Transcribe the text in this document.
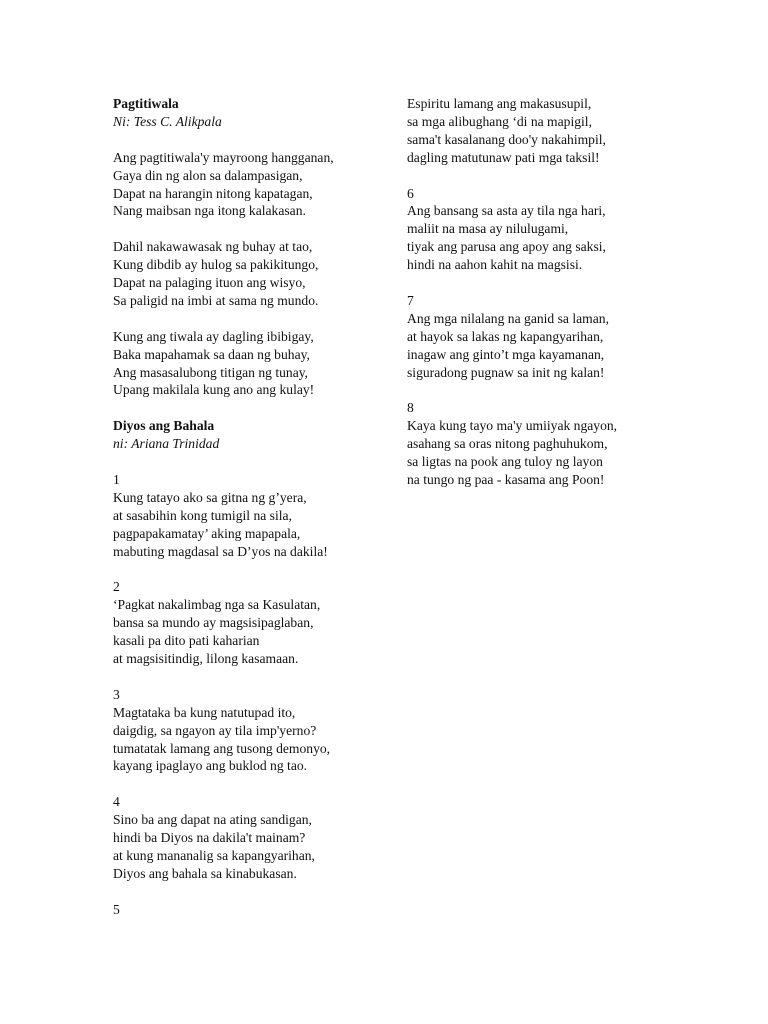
Pagtitiwala
Ni: Tess C. Alikpala
Ang pagtitiwala'y mayroong hangganan,
Gaya din ng alon sa dalampasigan,
Dapat na harangin nitong kapatagan,
Nang maibsan nga itong kalakasan.
Dahil nakawawasak ng buhay at tao,
Kung dibdib ay hulog sa pakikitungo,
Dapat na palaging ituon ang wisyo,
Sa paligid na imbi at sama ng mundo.
Kung ang tiwala ay dagling ibibigay,
Baka mapahamak sa daan ng buhay,
Ang masasalubong titigan ng tunay,
Upang makilala kung ano ang kulay!
Diyos ang Bahala
ni: Ariana Trinidad
1
Kung tatayo ako sa gitna ng g’yera,
at sasabihin kong tumigil na sila,
pagpapakamatay’ aking mapapala,
mabuting magdasal sa D’yos na dakila!
2
‘Pagkat nakalimbag nga sa Kasulatan,
bansa sa mundo ay magsisipaglaban,
kasali pa dito pati kaharian
at magsisitindig, lilong kasamaan.
3
Magtataka ba kung natutupad ito,
daigdig, sa ngayon ay tila imp'yerno?
tumatatak lamang ang tusong demonyo,
kayang ipaglayo ang buklod ng tao.
4
Sino ba ang dapat na ating sandigan,
hindi ba Diyos na dakila't mainam?
at kung mananalig sa kapangyarihan,
Diyos ang bahala sa kinabukasan.
5
Espiritu lamang ang makasusupil,
sa mga alibughang ‘di na mapigil,
sama't kasalanang doo'y nakahimpil,
dagling matutunaw pati mga taksil!
6
Ang bansang sa asta ay tila nga hari,
maliit na masa ay nilulugami,
tiyak ang parusa ang apoy ang saksi,
hindi na aahon kahit na magsisi.
7
Ang mga nilalang na ganid sa laman,
at hayok sa lakas ng kapangyarihan,
inagaw ang ginto’t mga kayamanan,
siguradong pugnaw sa init ng kalan!
8
Kaya kung tayo ma'y umiiyak ngayon,
asahang sa oras nitong paghuhukom,
sa ligtas na pook ang tuloy ng layon
na tungo ng paa - kasama ang Poon!
